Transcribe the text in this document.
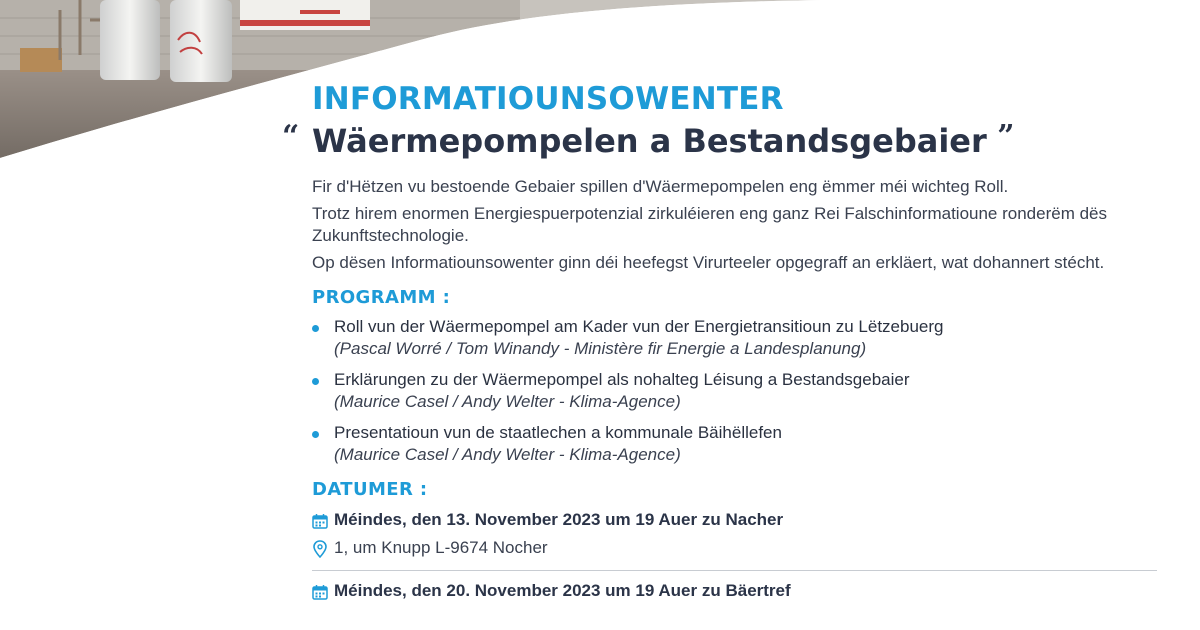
INFORMATIOUNSOWENTER
“ Wäermepompelen a Bestandsgebaier ”

Fir d'Hëtzen vu bestoende Gebaier spillen d'Wäermepompelen eng ëmmer méi wichteg Roll.

Trotz hirem enormen Energiespuerpotenzial zirkuléieren eng ganz Rei Falschinformatioune ronderëm dës Zukunftstechnologie.

Op dësen Informatiounsowenter ginn déi heefegst Virurteeler opgegraff an erkläert, wat dohannert stécht.

PROGRAMM :
Roll vun der Wäermepompel am Kader vun der Energietransitioun zu Lëtzebuerg
(Pascal Worré / Tom Winandy - Ministère fir Energie a Landesplanung)
Erklärungen zu der Wäermepompel als nohalteg Léisung a Bestandsgebaier
(Maurice Casel / Andy Welter - Klima-Agence)
Presentatioun vun de staatlechen a kommunale Bäihëllefen
(Maurice Casel / Andy Welter - Klima-Agence)
DATUMER :
Méindes, den 13. November 2023 um 19 Auer zu Nacher
1, um Knupp L-9674 Nocher
Méindes, den 20. November 2023 um 19 Auer zu Bäertref
